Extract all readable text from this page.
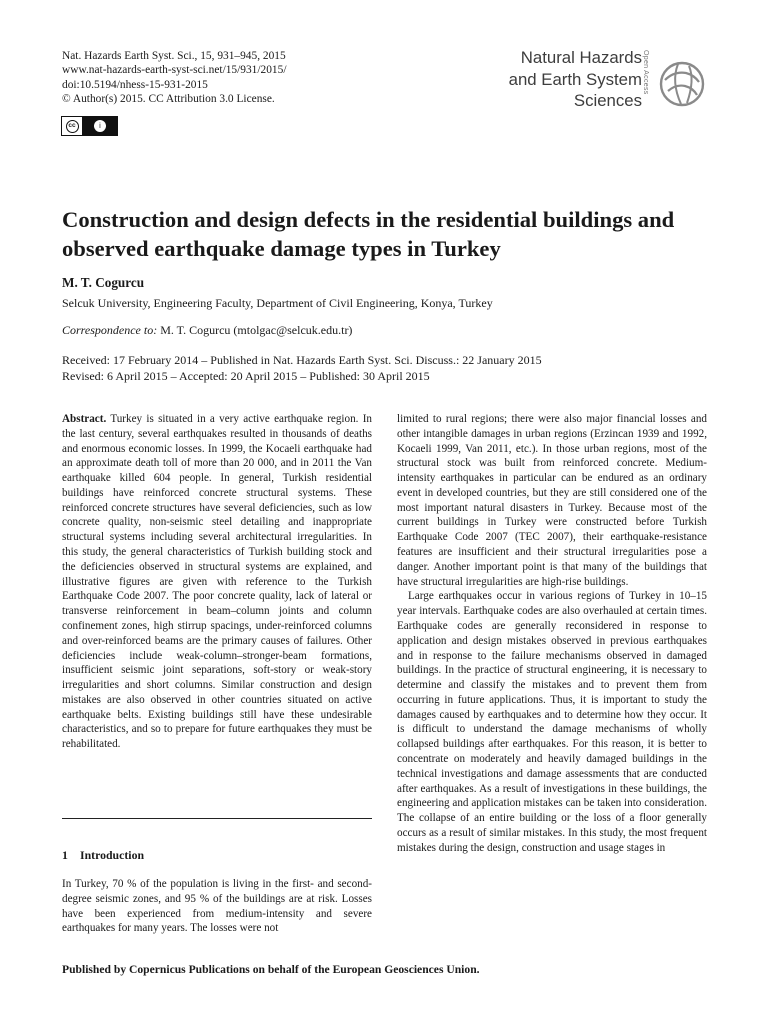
Nat. Hazards Earth Syst. Sci., 15, 931–945, 2015
www.nat-hazards-earth-syst-sci.net/15/931/2015/
doi:10.5194/nhess-15-931-2015
© Author(s) 2015. CC Attribution 3.0 License.
cc	i
Natural Hazards
and Earth System
Sciences
Open Access
Construction and design defects in the residential buildings and observed earthquake damage types in Turkey
M. T. Cogurcu
Selcuk University, Engineering Faculty, Department of Civil Engineering, Konya, Turkey
Correspondence to: M. T. Cogurcu (mtolgac@selcuk.edu.tr)
Received: 17 February 2014 – Published in Nat. Hazards Earth Syst. Sci. Discuss.: 22 January 2015
Revised: 6 April 2015 – Accepted: 20 April 2015 – Published: 30 April 2015

Abstract. Turkey is situated in a very active earthquake region. In the last century, several earthquakes resulted in thousands of deaths and enormous economic losses. In 1999, the Kocaeli earthquake had an approximate death toll of more than 20 000, and in 2011 the Van earthquake killed 604 people. In general, Turkish residential buildings have reinforced concrete structural systems. These reinforced concrete structures have several deficiencies, such as low concrete quality, non-seismic steel detailing and inappropriate structural systems including several architectural irregularities. In this study, the general characteristics of Turkish building stock and the deficiencies observed in structural systems are explained, and illustrative figures are given with reference to the Turkish Earthquake Code 2007. The poor concrete quality, lack of lateral or transverse reinforcement in beam–column joints and column confinement zones, high stirrup spacings, under-reinforced columns and over-reinforced beams are the primary causes of failures. Other deficiencies include weak-column–stronger-beam formations, insufficient seismic joint separations, soft-story or weak-story irregularities and short columns. Similar construction and design mistakes are also observed in other countries situated on active earthquake belts. Existing buildings still have these undesirable characteristics, and so to prepare for future earthquakes they must be rehabilitated.

1 Introduction

In Turkey, 70 % of the population is living in the first- and second-degree seismic zones, and 95 % of the buildings are at risk. Losses have been experienced from medium-intensity and severe earthquakes for many years. The losses were not

limited to rural regions; there were also major financial losses and other intangible damages in urban regions (Erzincan 1939 and 1992, Kocaeli 1999, Van 2011, etc.). In those urban regions, most of the structural stock was built from reinforced concrete. Medium-intensity earthquakes in particular can be endured as an ordinary event in developed countries, but they are still considered one of the most important natural disasters in Turkey. Because most of the current buildings in Turkey were constructed before Turkish Earthquake Code 2007 (TEC 2007), their earthquake-resistance features are insufficient and their structural irregularities pose a danger. Another important point is that many of the buildings that have structural irregularities are high-rise buildings.

Large earthquakes occur in various regions of Turkey in 10–15 year intervals. Earthquake codes are also overhauled at certain times. Earthquake codes are generally reconsidered in response to application and design mistakes observed in previous earthquakes and in response to the failure mechanisms observed in damaged buildings. In the practice of structural engineering, it is necessary to determine and classify the mistakes and to prevent them from occurring in future applications. Thus, it is important to study the damages caused by earthquakes and to determine how they occur. It is difficult to understand the damage mechanisms of wholly collapsed buildings after earthquakes. For this reason, it is better to concentrate on moderately and heavily damaged buildings in the technical investigations and damage assessments that are conducted after earthquakes. As a result of investigations in these buildings, the engineering and application mistakes can be taken into consideration. The collapse of an entire building or the loss of a floor generally occurs as a result of similar mistakes. In this study, the most frequent mistakes during the design, construction and usage stages in

Published by Copernicus Publications on behalf of the European Geosciences Union.
